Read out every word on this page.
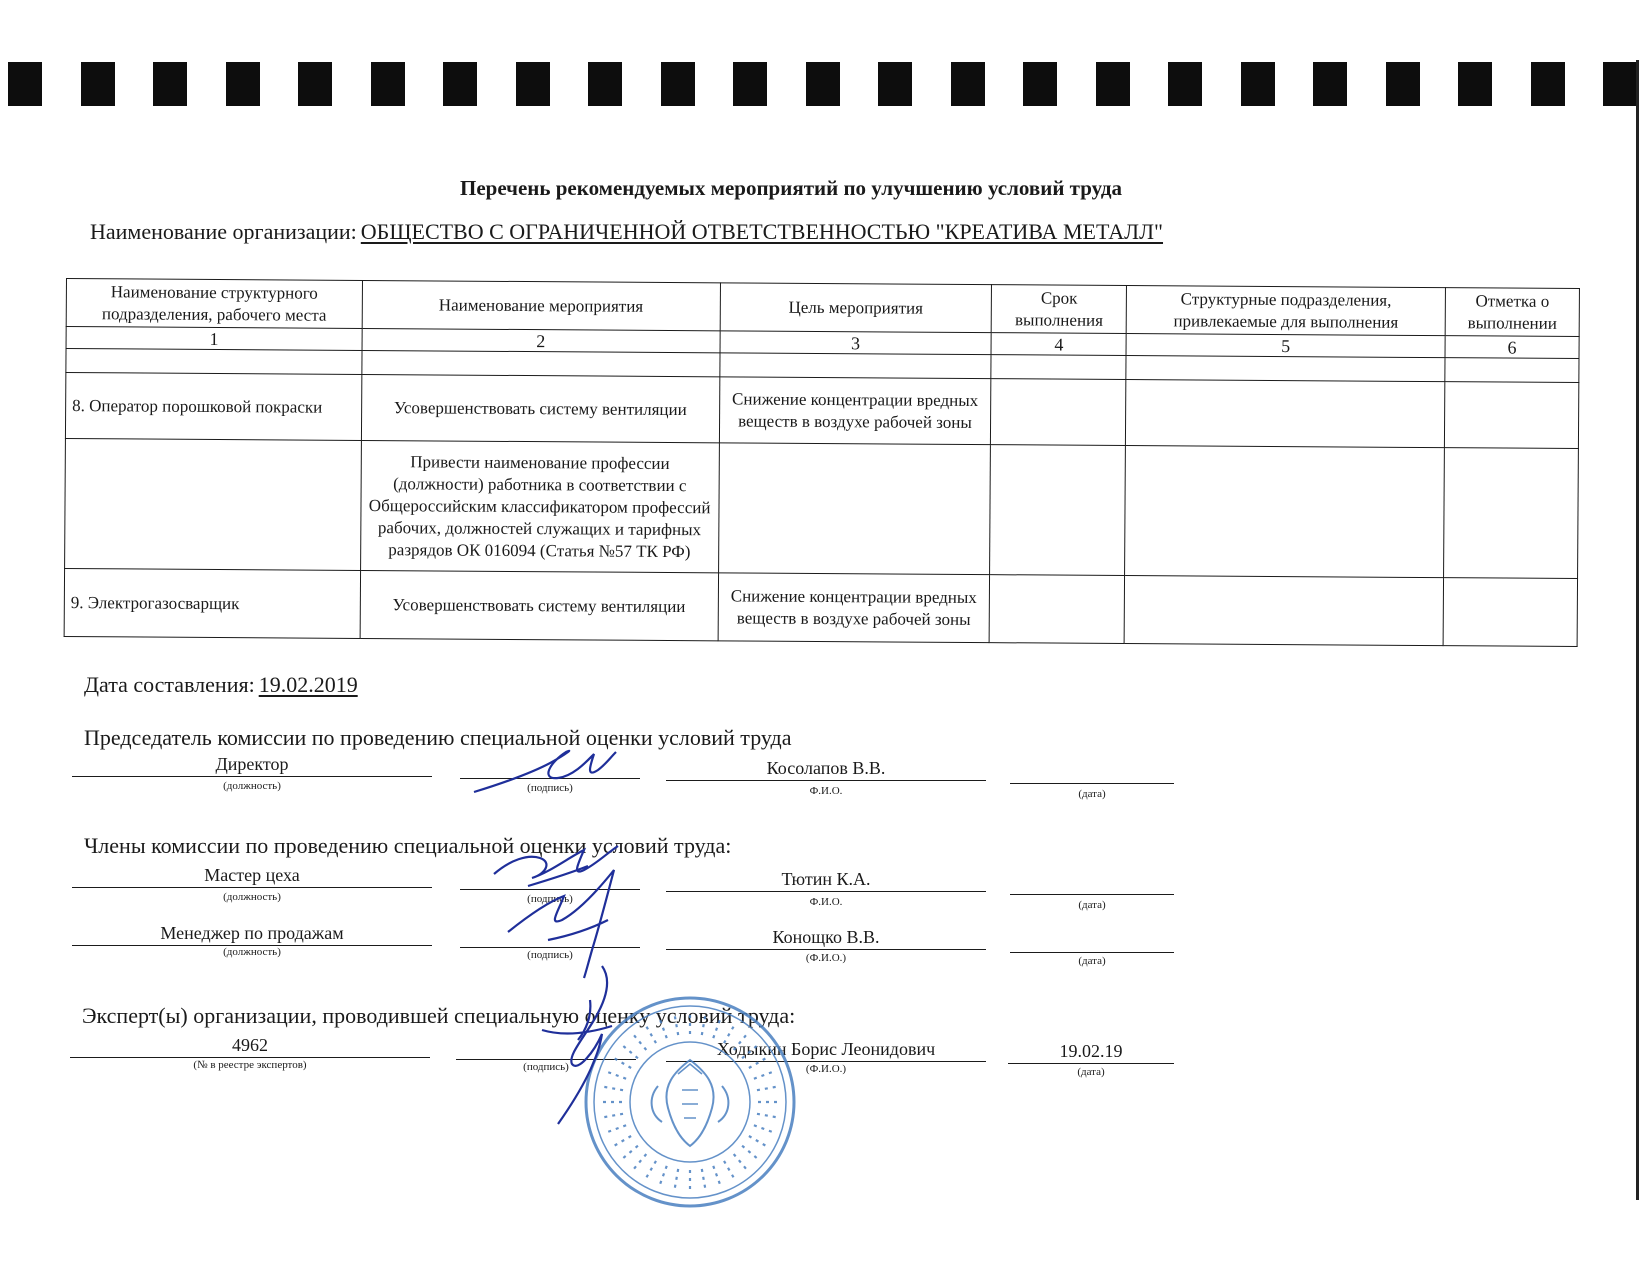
Перечень рекомендуемых мероприятий по улучшению условий труда
Наименование организации: ОБЩЕСТВО С ОГРАНИЧЕННОЙ ОТВЕТСТВЕННОСТЬЮ "КРЕАТИВА МЕТАЛЛ"
Наименование структурного подразделения, рабочего места	Наименование мероприятия	Цель мероприятия	Срок выполнения	Структурные подразделения, привлекаемые для выполнения	Отметка о выполнении
1	2	3	4	5	6

8. Оператор порошковой покраски	Усовершенствовать систему вентиляции	Снижение концентрации вредных веществ в воздухе рабочей зоны			
	Привести наименование профессии (должности) работника в соответствии с Общероссийским классификатором профессий рабочих, должностей служащих и тарифных разрядов ОК 016094 (Статья №57 ТК РФ)				
9. Электрогазосварщик	Усовершенствовать систему вентиляции	Снижение концентрации вредных веществ в воздухе рабочей зоны			
Дата составления: 19.02.2019
Председатель комиссии по проведению специальной оценки условий труда
Директор
(должность)	(подпись)
Косолапов В.В.
Ф.И.О.	(дата)
Члены комиссии по проведению специальной оценки условий труда:
Мастер цеха
(должность)	(подпись)
Тютин К.А.
Ф.И.О.	(дата)
Менеджер по продажам
(должность)	(подпись)
Конощко В.В.
(Ф.И.О.)	(дата)
Эксперт(ы) организации, проводившей специальную оценку условий труда:
4962
(№ в реестре экспертов)	(подпись)
Ходыкин Борис Леонидович
(Ф.И.О.)
19.02.19
(дата)
